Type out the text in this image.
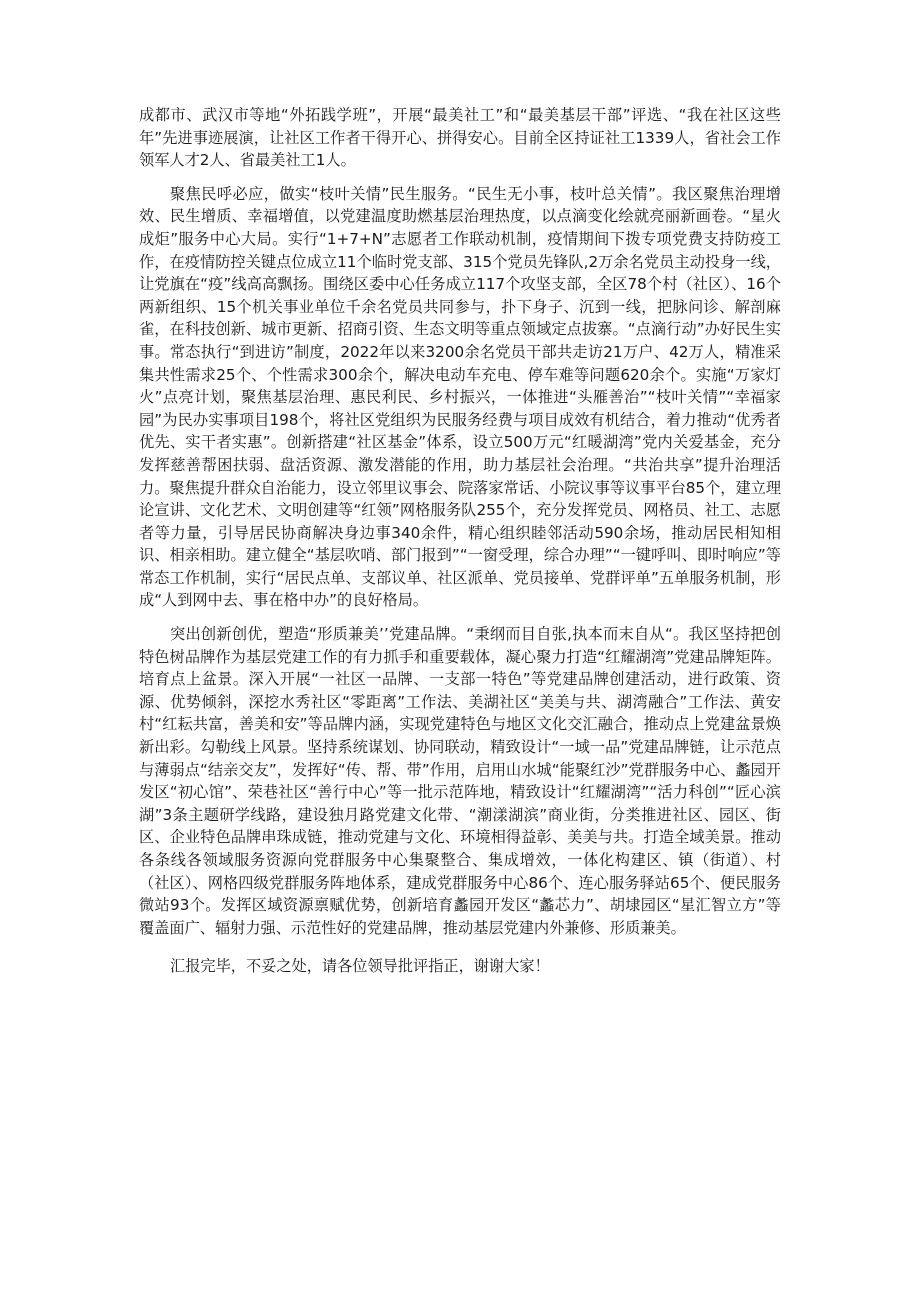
成都市、武汉市等地“外拓践学班”，开展“最美社工”和“最美基层干部”评选、“我在社区这些年”先进事迹展演，让社区工作者干得开心、拼得安心。目前全区持证社工1339人，省社会工作领军人才2人、省最美社工1人。

聚焦民呼必应，做实“枝叶关情”民生服务。“民生无小事，枝叶总关情”。我区聚焦治理增效、民生增质、幸福增值，以党建温度助燃基层治理热度，以点滴变化绘就亮丽新画卷。“星火成炬”服务中心大局。实行“1+7+N”志愿者工作联动机制，疫情期间下拨专项党费支持防疫工作，在疫情防控关键点位成立11个临时党支部、315个党员先锋队,2万余名党员主动投身一线，让党旗在“疫”线高高飘扬。围绕区委中心任务成立117个攻坚支部，全区78个村（社区）、16个两新组织、15个机关事业单位千余名党员共同参与，扑下身子、沉到一线，把脉问诊、解剖麻雀，在科技创新、城市更新、招商引资、生态文明等重点领域定点拔寨。“点滴行动”办好民生实事。常态执行“到进访”制度，2022年以来3200余名党员干部共走访21万户、42万人，精准采集共性需求25个、个性需求300余个，解决电动车充电、停车难等问题620余个。实施“万家灯火”点亮计划，聚焦基层治理、惠民利民、乡村振兴，一体推进“头雁善治”“枝叶关情”“幸福家园”为民办实事项目198个，将社区党组织为民服务经费与项目成效有机结合，着力推动“优秀者优先、实干者实惠”。创新搭建“社区基金”体系，设立500万元“红暖湖湾”党内关爱基金，充分发挥慈善帮困扶弱、盘活资源、激发潜能的作用，助力基层社会治理。“共治共享”提升治理活力。聚焦提升群众自治能力，设立邻里议事会、院落家常话、小院议事等议事平台85个，建立理论宣讲、文化艺术、文明创建等“红领”网格服务队255个，充分发挥党员、网格员、社工、志愿者等力量，引导居民协商解决身边事340余件，精心组织睦邻活动590余场，推动居民相知相识、相亲相助。建立健全“基层吹哨、部门报到”“一窗受理，综合办理”“一键呼叫、即时响应”等常态工作机制，实行“居民点单、支部议单、社区派单、党员接单、党群评单”五单服务机制，形成“人到网中去、事在格中办”的良好格局。

突出创新创优，塑造“形质兼美’’党建品牌。“秉纲而目自张,执本而末自从“。我区坚持把创特色树品牌作为基层党建工作的有力抓手和重要载体，凝心聚力打造“红耀湖湾”党建品牌矩阵。培育点上盆景。深入开展“一社区一品牌、一支部一特色”等党建品牌创建活动，进行政策、资源、优势倾斜，深挖水秀社区“零距离”工作法、美湖社区“美美与共、湖湾融合”工作法、黄安村“红耘共富，善美和安”等品牌内涵，实现党建特色与地区文化交汇融合，推动点上党建盆景焕新出彩。勾勒线上风景。坚持系统谋划、协同联动，精致设计“一域一品”党建品牌链，让示范点与薄弱点“结亲交友”，发挥好“传、帮、带”作用，启用山水城“能聚红沙”党群服务中心、蠡园开发区“初心馆”、荣巷社区“善行中心”等一批示范阵地，精致设计“红耀湖湾”“活力科创”“匠心滨湖”3条主题研学线路，建设独月路党建文化带、“潮漾湖滨”商业街，分类推进社区、园区、街区、企业特色品牌串珠成链，推动党建与文化、环境相得益彰、美美与共。打造全域美景。推动各条线各领域服务资源向党群服务中心集聚整合、集成增效，一体化构建区、镇（街道）、村（社区）、网格四级党群服务阵地体系，建成党群服务中心86个、连心服务驿站65个、便民服务微站93个。发挥区域资源禀赋优势，创新培育蠡园开发区“蠡芯力”、胡埭园区“星汇智立方”等覆盖面广、辐射力强、示范性好的党建品牌，推动基层党建内外兼修、形质兼美。

汇报完毕，不妥之处，请各位领导批评指正，谢谢大家！
